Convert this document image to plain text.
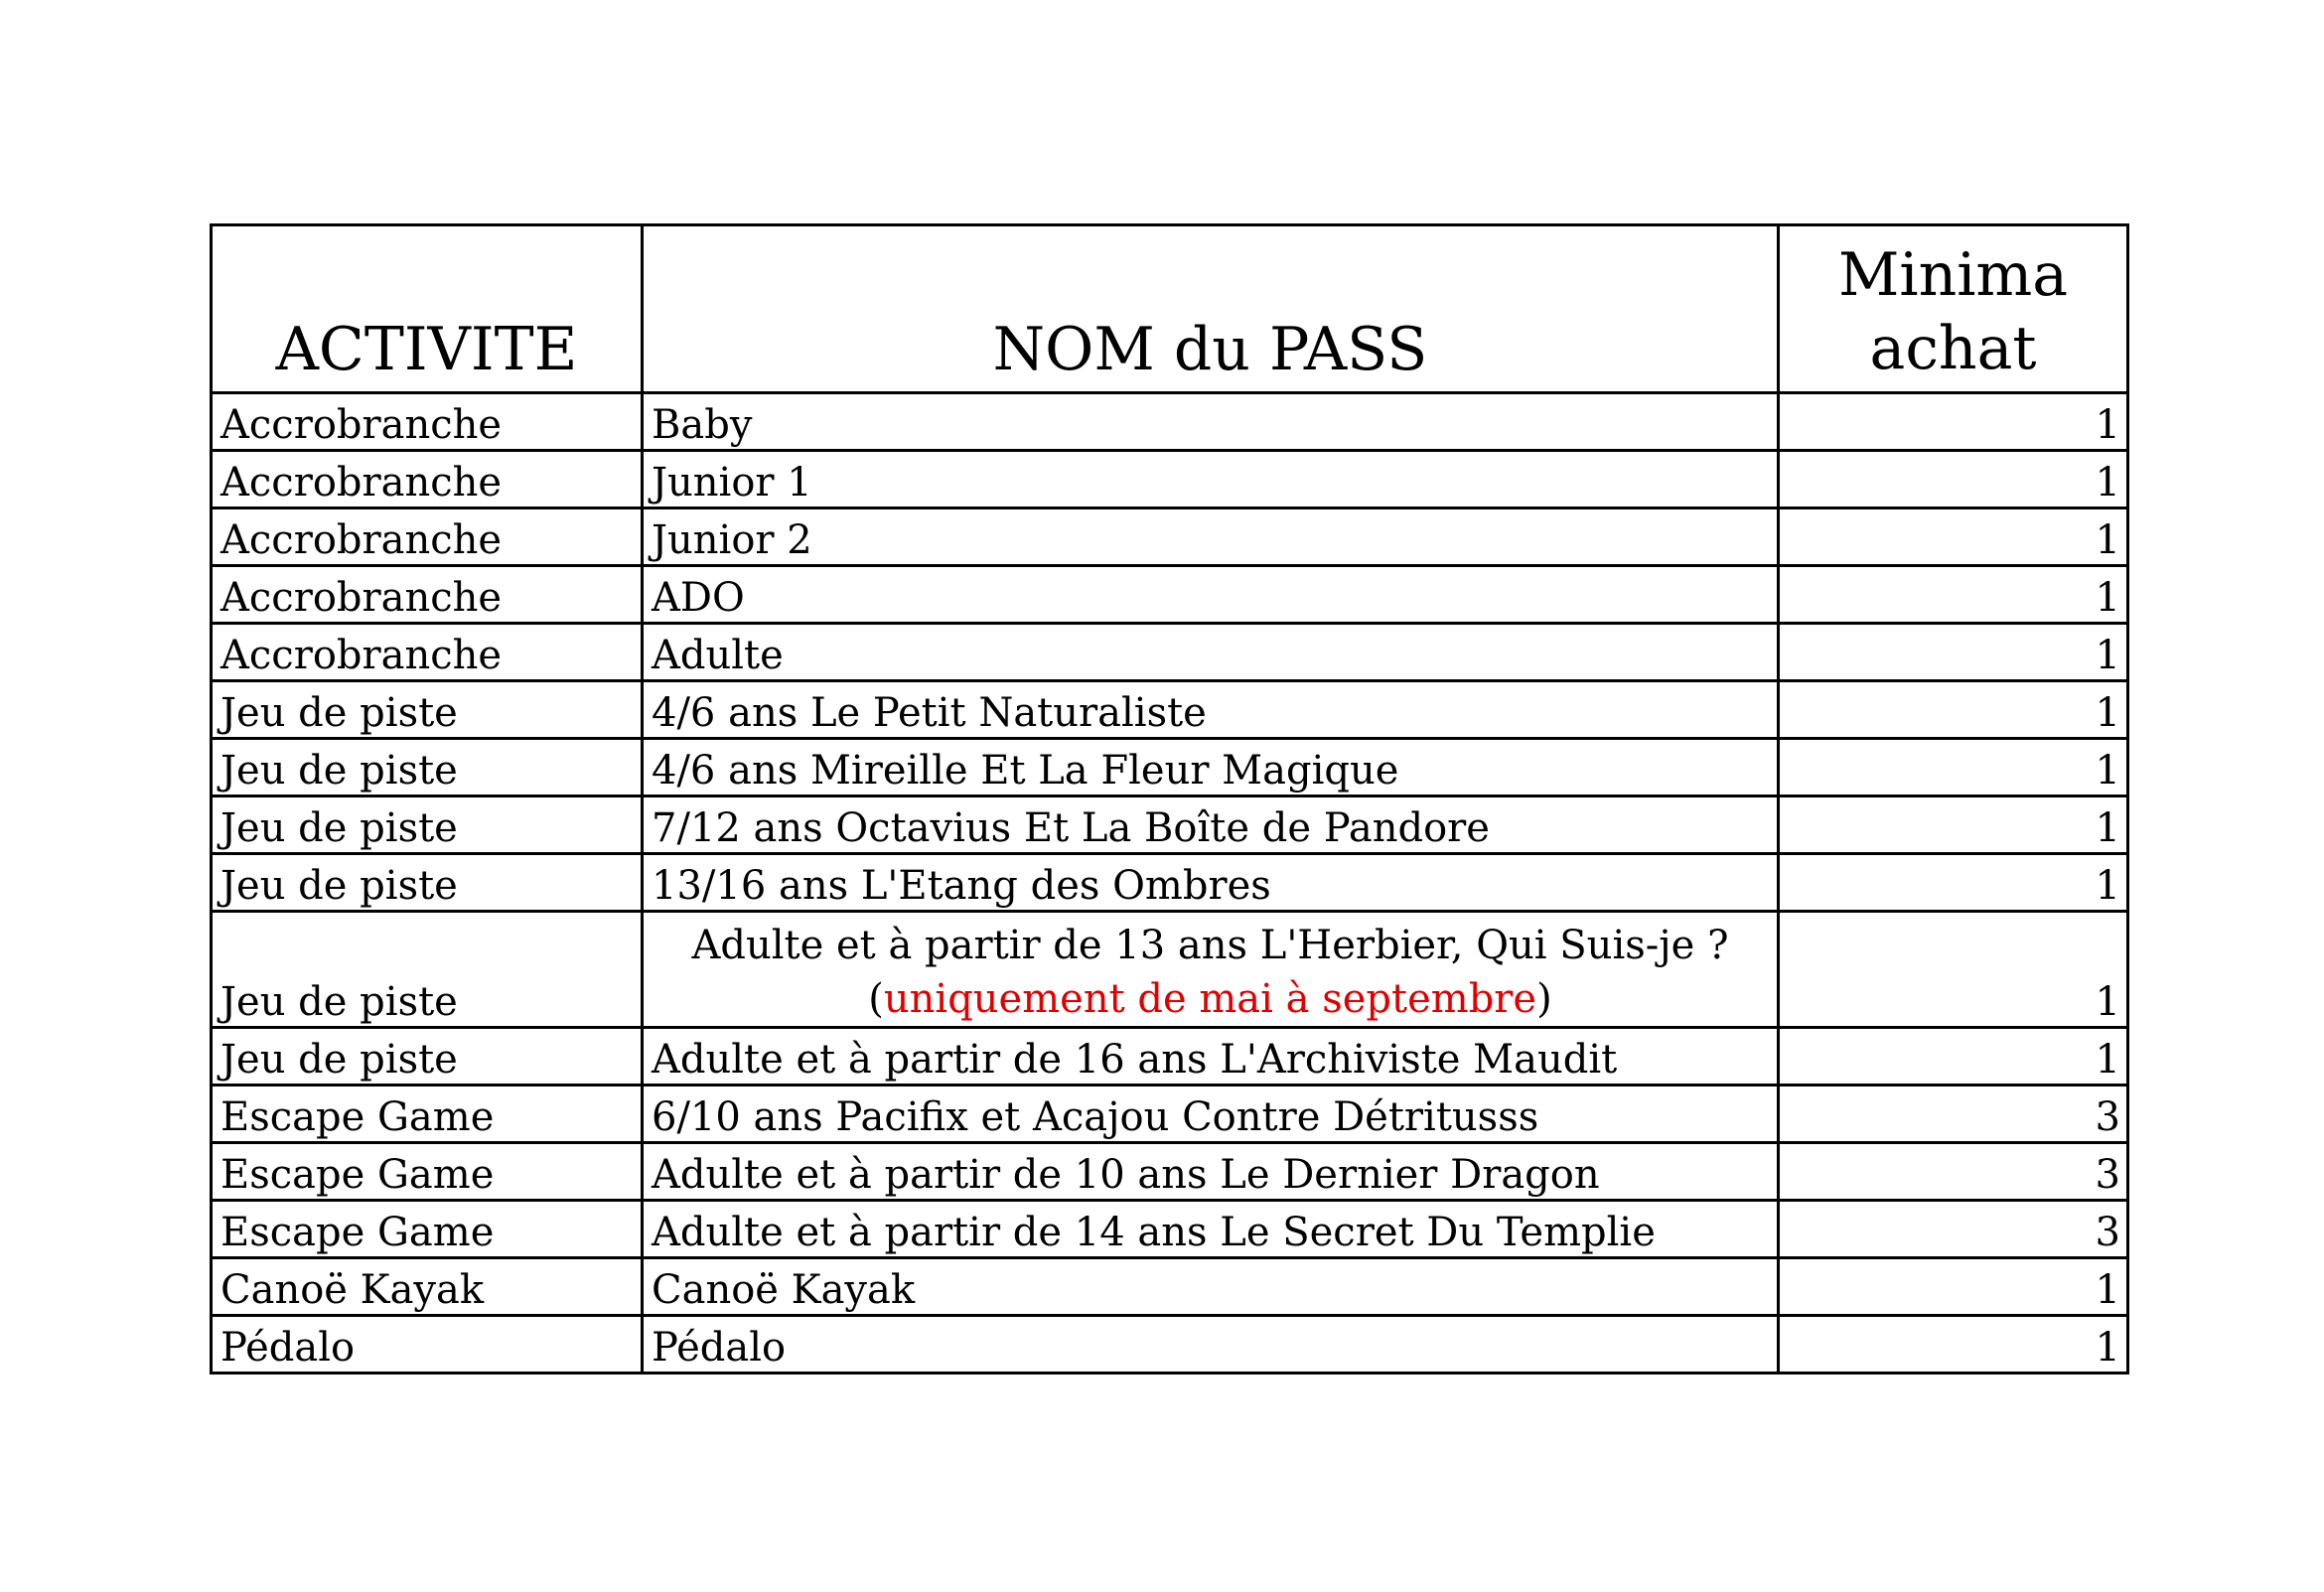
ACTIVITE	NOM du PASS	Minima achat
Accrobranche	Baby	1
Accrobranche	Junior 1	1
Accrobranche	Junior 2	1
Accrobranche	ADO	1
Accrobranche	Adulte	1
Jeu de piste	4/6 ans Le Petit Naturaliste	1
Jeu de piste	4/6 ans Mireille Et La Fleur Magique	1
Jeu de piste	7/12 ans Octavius Et La Boîte de Pandore	1
Jeu de piste	13/16 ans L'Etang des Ombres	1
Jeu de piste	Adulte et à partir de 13 ans L'Herbier, Qui Suis-je ? (uniquement de mai à septembre)	1
Jeu de piste	Adulte et à partir de 16 ans L'Archiviste Maudit	1
Escape Game	6/10 ans Pacifix et Acajou Contre Détritusss	3
Escape Game	Adulte et à partir de 10 ans Le Dernier Dragon	3
Escape Game	Adulte et à partir de 14 ans Le Secret Du Templie	3
Canoë Kayak	Canoë Kayak	1
Pédalo	Pédalo	1
